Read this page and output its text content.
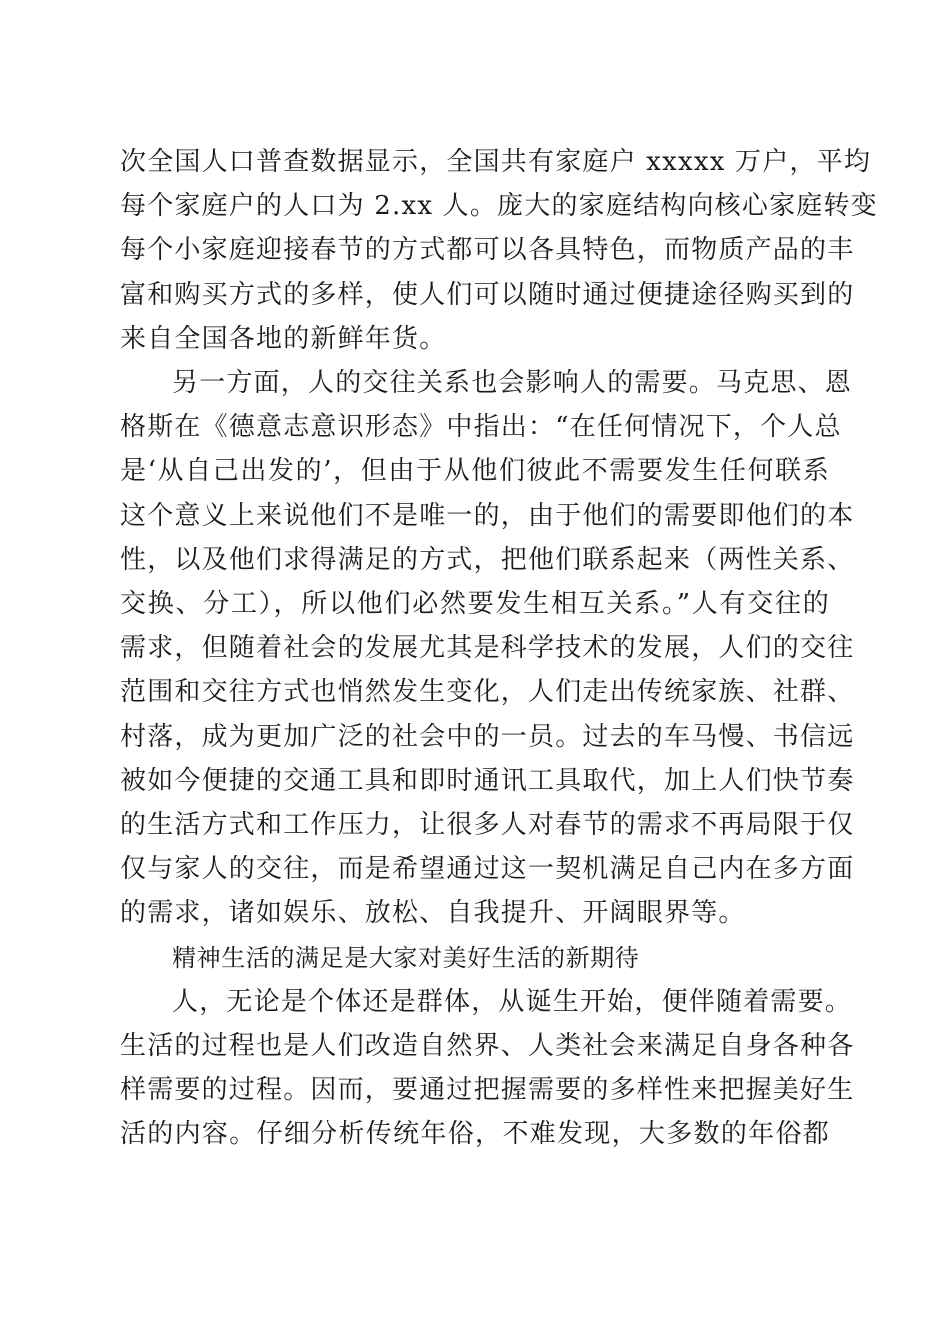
次全国人口普查数据显示，全国共有家庭户 xxxxx 万户，平均
每个家庭户的人口为 2.xx 人。庞大的家庭结构向核心家庭转变
每个小家庭迎接春节的方式都可以各具特色，而物质产品的丰
富和购买方式的多样，使人们可以随时通过便捷途径购买到的
来自全国各地的新鲜年货。

另一方面，人的交往关系也会影响人的需要。马克思、恩
格斯在《德意志意识形态》中指出：“在任何情况下，个人总
是‘从自己出发的’，但由于从他们彼此不需要发生任何联系
这个意义上来说他们不是唯一的，由于他们的需要即他们的本
性，以及他们求得满足的方式，把他们联系起来（两性关系、
交换、分工），所以他们必然要发生相互关系。”人有交往的
需求，但随着社会的发展尤其是科学技术的发展，人们的交往
范围和交往方式也悄然发生变化，人们走出传统家族、社群、
村落，成为更加广泛的社会中的一员。过去的车马慢、书信远
被如今便捷的交通工具和即时通讯工具取代，加上人们快节奏
的生活方式和工作压力，让很多人对春节的需求不再局限于仅
仅与家人的交往，而是希望通过这一契机满足自己内在多方面
的需求，诸如娱乐、放松、自我提升、开阔眼界等。

精神生活的满足是大家对美好生活的新期待

人，无论是个体还是群体，从诞生开始，便伴随着需要。
生活的过程也是人们改造自然界、人类社会来满足自身各种各
样需要的过程。因而，要通过把握需要的多样性来把握美好生
活的内容。仔细分析传统年俗，不难发现，大多数的年俗都
